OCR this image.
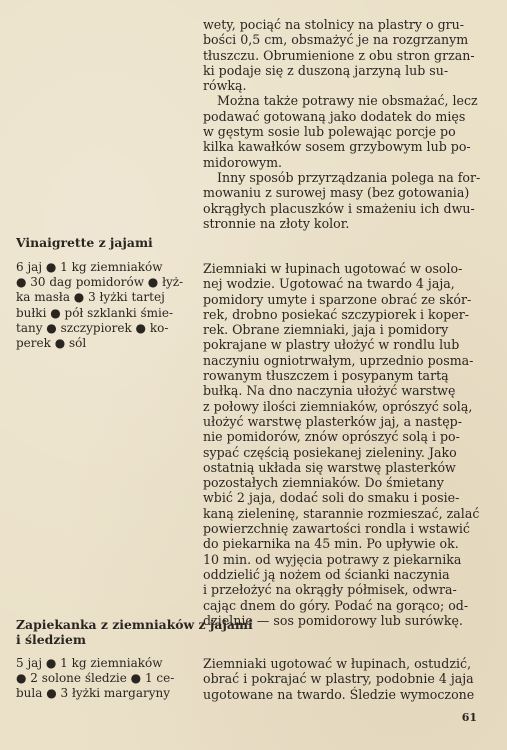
wety, pociąć na stolnicy na plastry o gru-
bości 0,5 cm, obsmażyć je na rozgrzanym
tłuszczu. Obrumienione z obu stron grzan-
ki podaje się z duszoną jarzyną lub su-
rówką.
Można także potrawy nie obsmażać, lecz
podawać gotowaną jako dodatek do mięs
w gęstym sosie lub polewając porcje po
kilka kawałków sosem grzybowym lub po-
midorowym.
Inny sposób przyrządzania polega na for-
mowaniu z surowej masy (bez gotowania)
okrągłych placuszków i smażeniu ich dwu-
stronnie na złoty kolor.
Vinaigrette z jajami
6 jaj ● 1 kg ziemniaków
● 30 dag pomidorów ● łyż-
ka masła ● 3 łyżki tartej
bułki ● pół szklanki śmie-
tany ● szczypiorek ● ko-
perek ● sól
Ziemniaki w łupinach ugotować w osolo-
nej wodzie. Ugotować na twardo 4 jaja,
pomidory umyte i sparzone obrać ze skór-
rek, drobno posiekać szczypiorek i koper-
rek. Obrane ziemniaki, jaja i pomidory
pokrajane w plastry ułożyć w rondlu lub
naczyniu ogniotrwałym, uprzednio posma-
rowanym tłuszczem i posypanym tartą
bułką. Na dno naczynia ułożyć warstwę
z połowy ilości ziemniaków, oprószyć solą,
ułożyć warstwę plasterków jaj, a następ-
nie pomidorów, znów oprószyć solą i po-
sypać częścią posiekanej zieleniny. Jako
ostatnią układa się warstwę plasterków
pozostałych ziemniaków. Do śmietany
wbić 2 jaja, dodać soli do smaku i posie-
kaną zieleninę, starannie rozmieszać, zalać
powierzchnię zawartości rondla i wstawić
do piekarnika na 45 min. Po upływie ok.
10 min. od wyjęcia potrawy z piekarnika
oddzielić ją nożem od ścianki naczynia
i przełożyć na okrągły półmisek, odwra-
cając dnem do góry. Podać na gorąco; od-
dzielnie — sos pomidorowy lub surówkę.
Zapiekanka z ziemniaków z jajami
i śledziem
5 jaj ● 1 kg ziemniaków
● 2 solone śledzie ● 1 ce-
bula ● 3 łyżki margaryny
Ziemniaki ugotować w łupinach, ostudzić,
obrać i pokrajać w plastry, podobnie 4 jaja
ugotowane na twardo. Śledzie wymoczone
61
